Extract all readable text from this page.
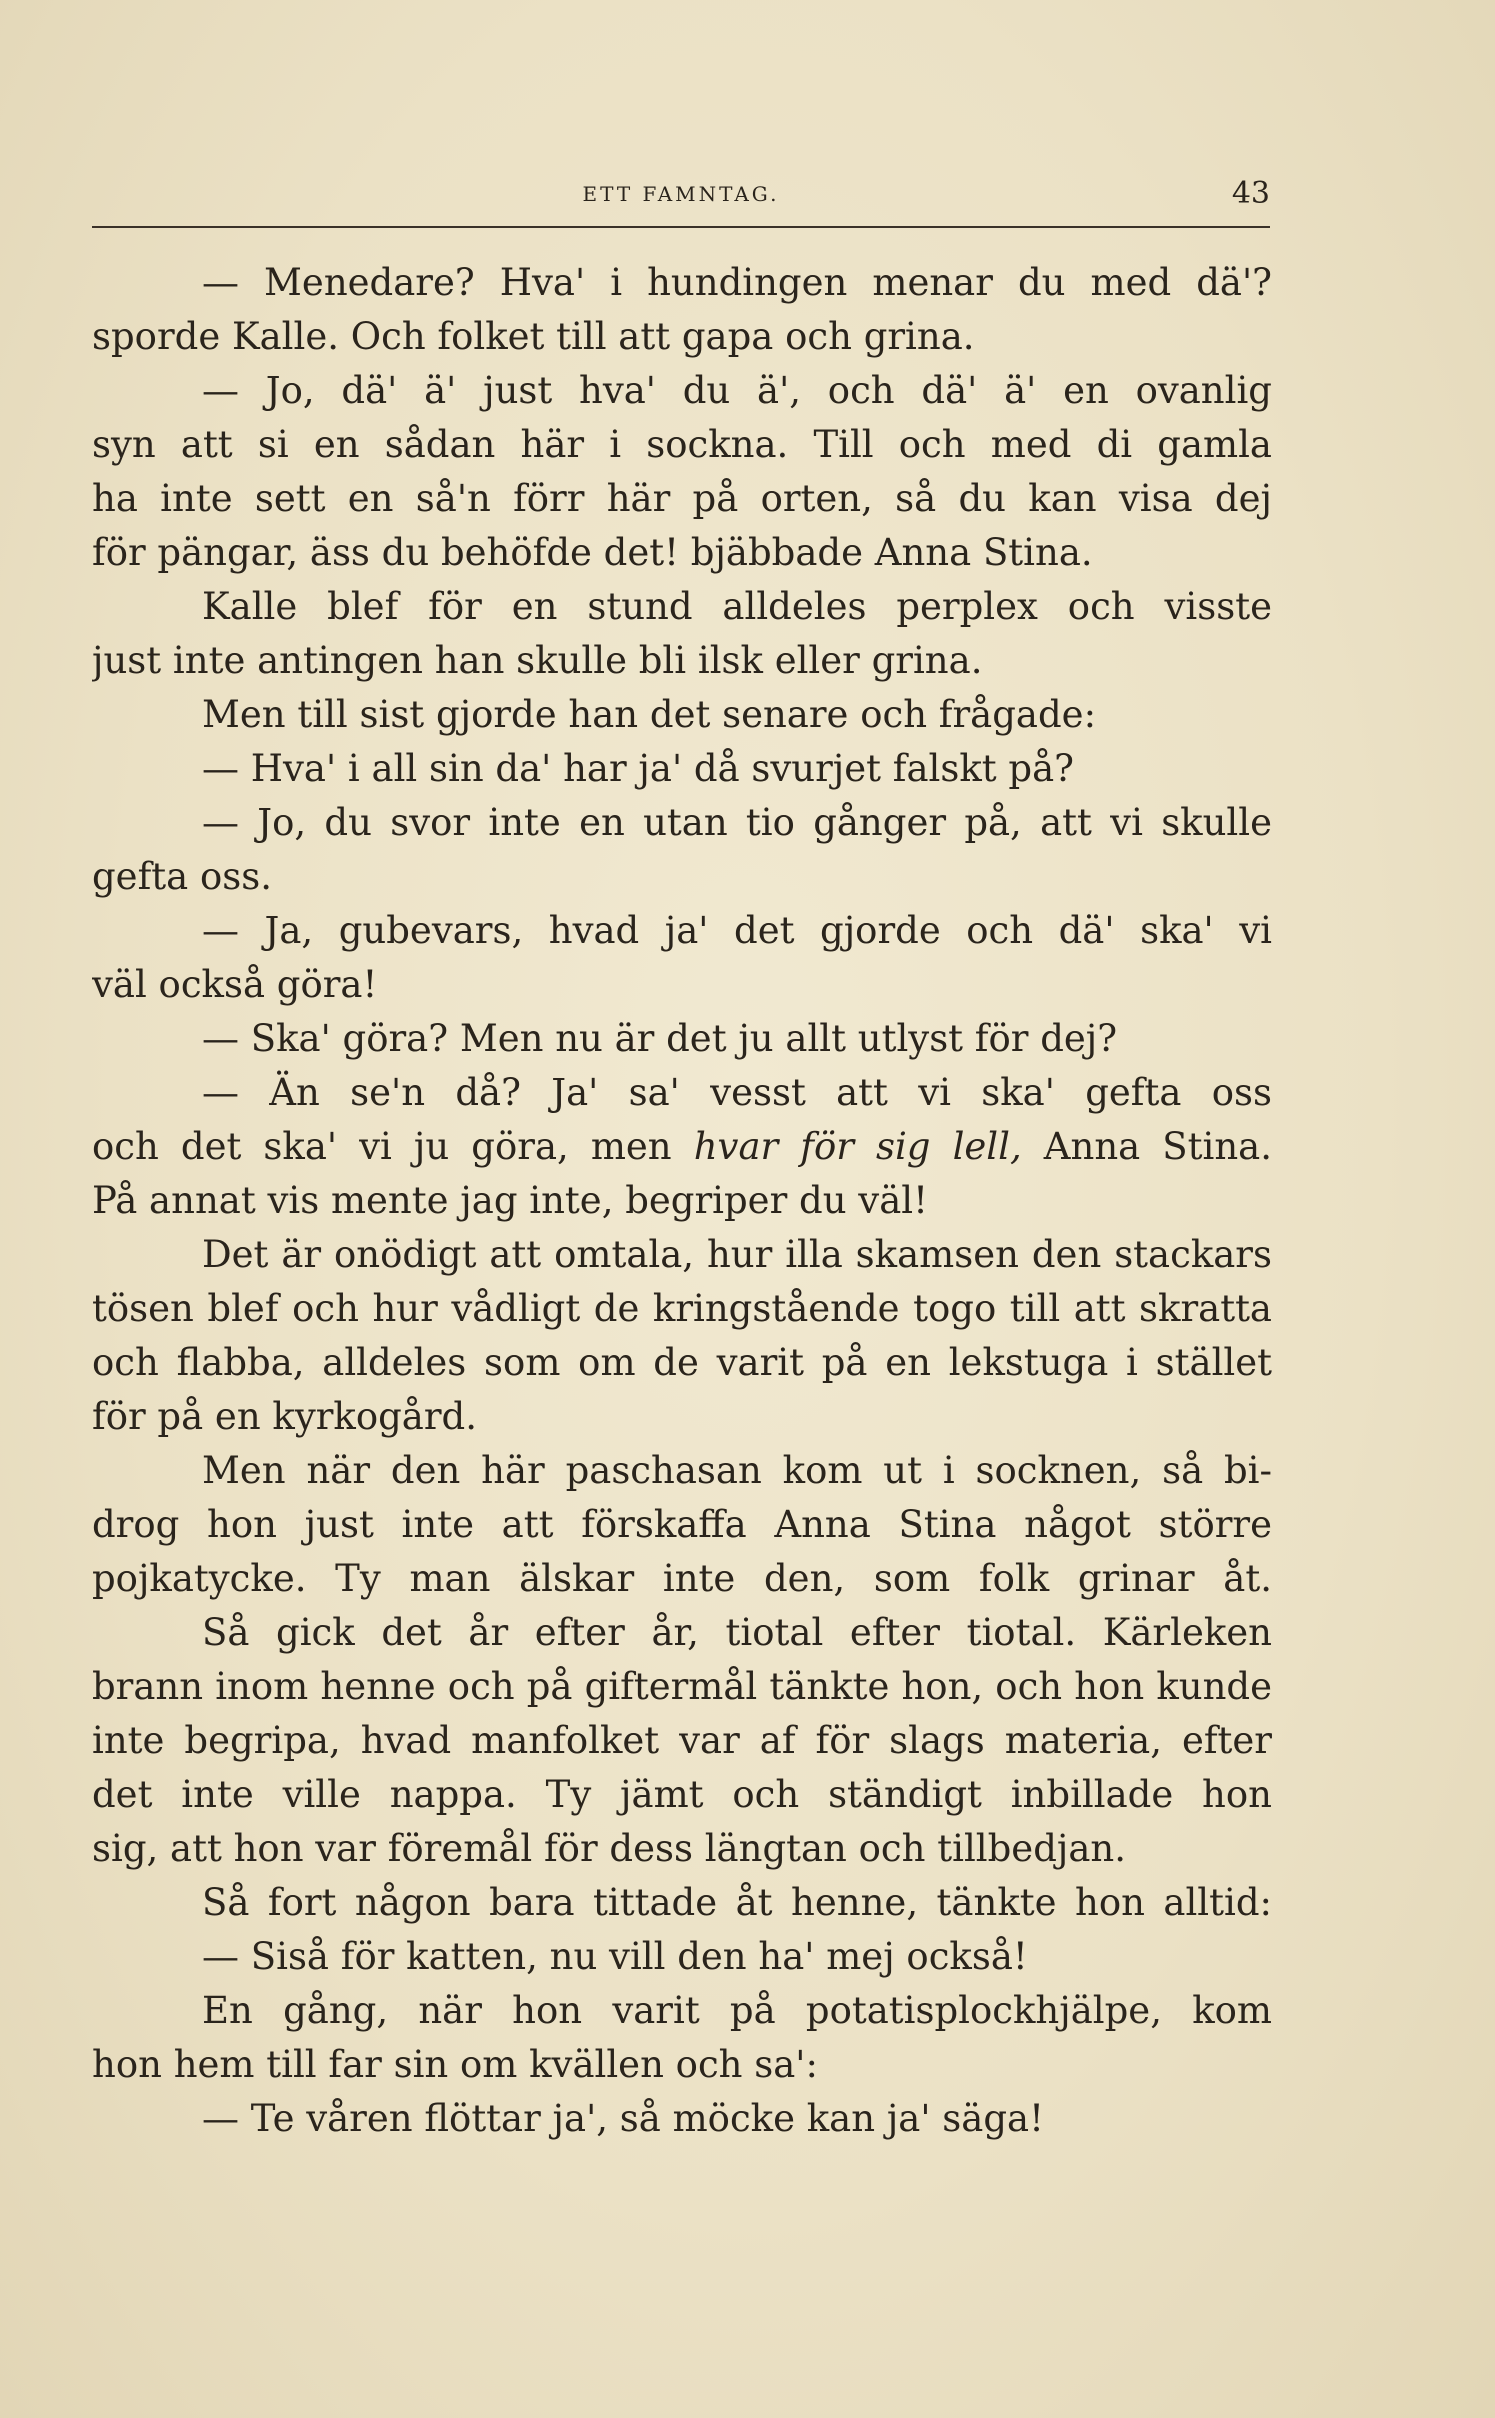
ETT FAMNTAG.	43
— Menedare? Hva' i hundingen menar du med dä'?
sporde Kalle. Och folket till att gapa och grina.
— Jo, dä' ä' just hva' du ä', och dä' ä' en ovanlig
syn att si en sådan här i sockna. Till och med di gamla
ha inte sett en så'n förr här på orten, så du kan visa dej
för pängar, äss du behöfde det! bjäbbade Anna Stina.
Kalle blef för en stund alldeles perplex och visste
just inte antingen han skulle bli ilsk eller grina.
Men till sist gjorde han det senare och frågade:
— Hva' i all sin da' har ja' då svurjet falskt på?
— Jo, du svor inte en utan tio gånger på, att vi skulle
gefta oss.
— Ja, gubevars, hvad ja' det gjorde och dä' ska' vi
väl också göra!
— Ska' göra? Men nu är det ju allt utlyst för dej?
— Än se'n då? Ja' sa' vesst att vi ska' gefta oss
och det ska' vi ju göra, men hvar för sig lell, Anna Stina.
På annat vis mente jag inte, begriper du väl!
Det är onödigt att omtala, hur illa skamsen den stackars
tösen blef och hur vådligt de kringstående togo till att skratta
och flabba, alldeles som om de varit på en lekstuga i stället
för på en kyrkogård.
Men när den här paschasan kom ut i socknen, så bi-
drog hon just inte att förskaffa Anna Stina något större
pojkatycke. Ty man älskar inte den, som folk grinar åt.
Så gick det år efter år, tiotal efter tiotal. Kärleken
brann inom henne och på giftermål tänkte hon, och hon kunde
inte begripa, hvad manfolket var af för slags materia, efter
det inte ville nappa. Ty jämt och ständigt inbillade hon
sig, att hon var föremål för dess längtan och tillbedjan.
Så fort någon bara tittade åt henne, tänkte hon alltid:
— Siså för katten, nu vill den ha' mej också!
En gång, när hon varit på potatisplockhjälpe, kom
hon hem till far sin om kvällen och sa':
— Te våren flöttar ja', så möcke kan ja' säga!
